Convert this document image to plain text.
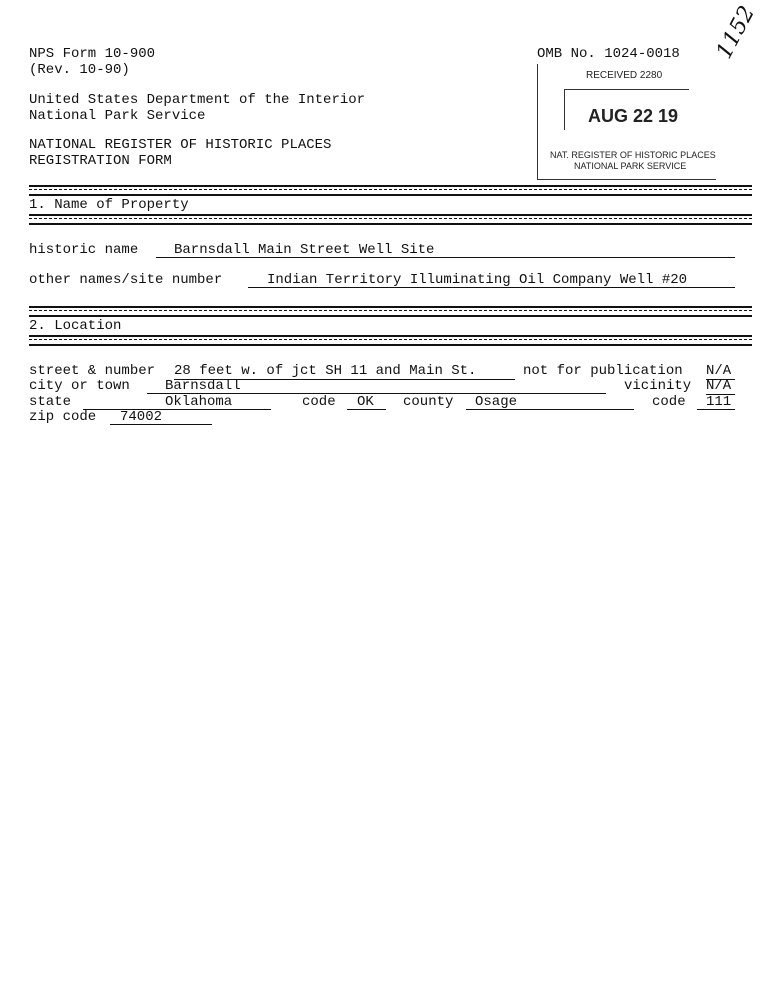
NPS Form 10-900
(Rev. 10-90)
OMB No. 1024-0018 1152
United States Department of the Interior
National Park Service
NATIONAL REGISTER OF HISTORIC PLACES
REGISTRATION FORM
RECEIVED 2280
AUG 22 19
NAT. REGISTER OF HISTORIC PLACES
NATIONAL PARK SERVICE
1. Name of Property
historic name	Barnsdall Main Street Well Site
other names/site number	Indian Territory Illuminating Oil Company Well #20
2. Location
street & number 28 feet w. of jct SH 11 and Main St.	not for publication N/A
city or town	Barnsdall	vicinity N/A
state	Oklahoma	code	OK	county	Osage	code	111
zip code	74002
